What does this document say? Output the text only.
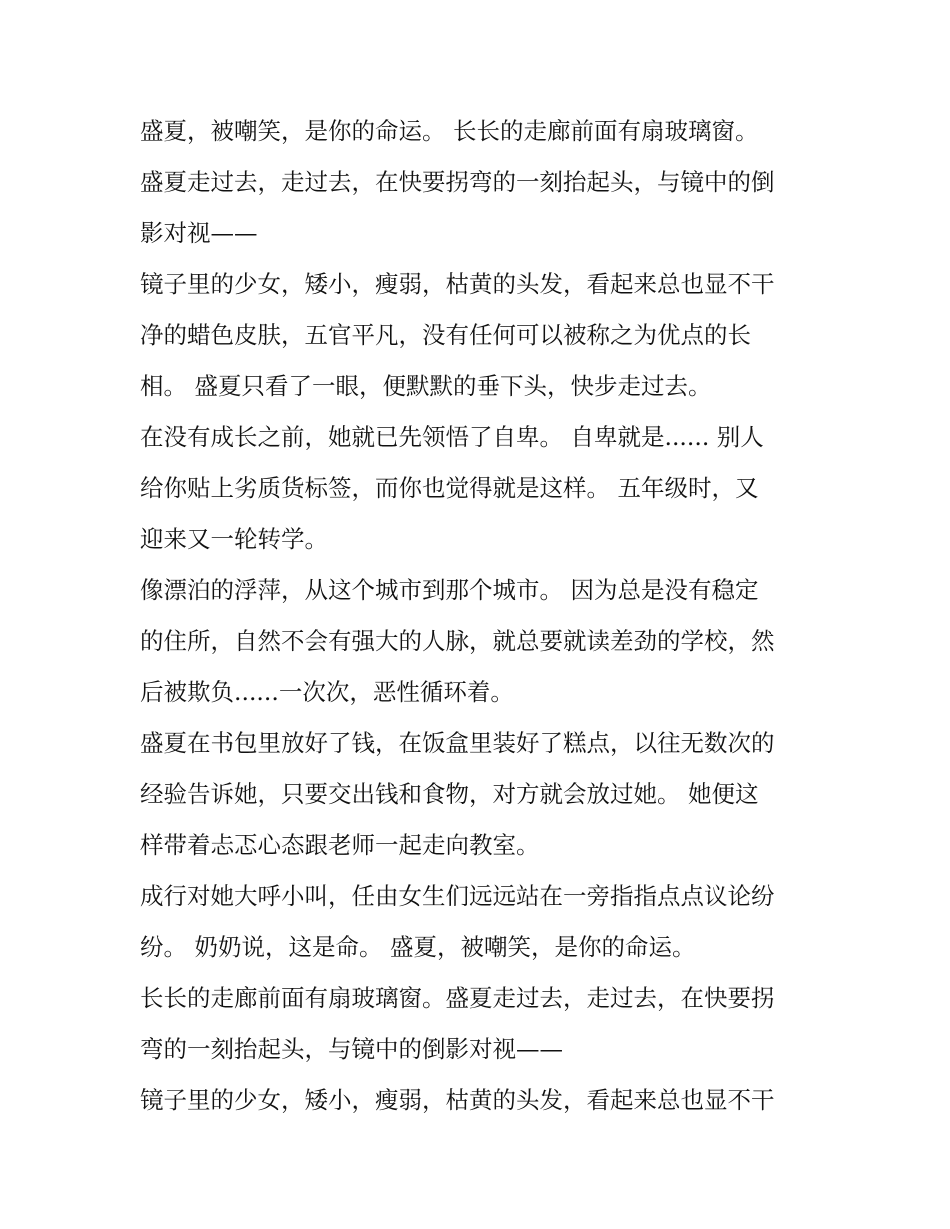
盛夏，被嘲笑，是你的命运。 长长的走廊前面有扇玻璃窗。
盛夏走过去，走过去，在快要拐弯的一刻抬起头，与镜中的倒
影对视——
镜子里的少女，矮小，瘦弱，枯黄的头发，看起来总也显不干
净的蜡色皮肤，五官平凡，没有任何可以被称之为优点的长
相。 盛夏只看了一眼，便默默的垂下头，快步走过去。
在没有成长之前，她就已先领悟了自卑。 自卑就是...... 别人
给你贴上劣质货标签，而你也觉得就是这样。 五年级时，又
迎来又一轮转学。
像漂泊的浮萍，从这个城市到那个城市。 因为总是没有稳定
的住所，自然不会有强大的人脉，就总要就读差劲的学校，然
后被欺负......一次次，恶性循环着。
盛夏在书包里放好了钱，在饭盒里装好了糕点，以往无数次的
经验告诉她，只要交出钱和食物，对方就会放过她。 她便这
样带着忐忑心态跟老师一起走向教室。
成行对她大呼小叫，任由女生们远远站在一旁指指点点议论纷
纷。 奶奶说，这是命。 盛夏，被嘲笑，是你的命运。
长长的走廊前面有扇玻璃窗。盛夏走过去，走过去，在快要拐
弯的一刻抬起头，与镜中的倒影对视——
镜子里的少女，矮小，瘦弱，枯黄的头发，看起来总也显不干
